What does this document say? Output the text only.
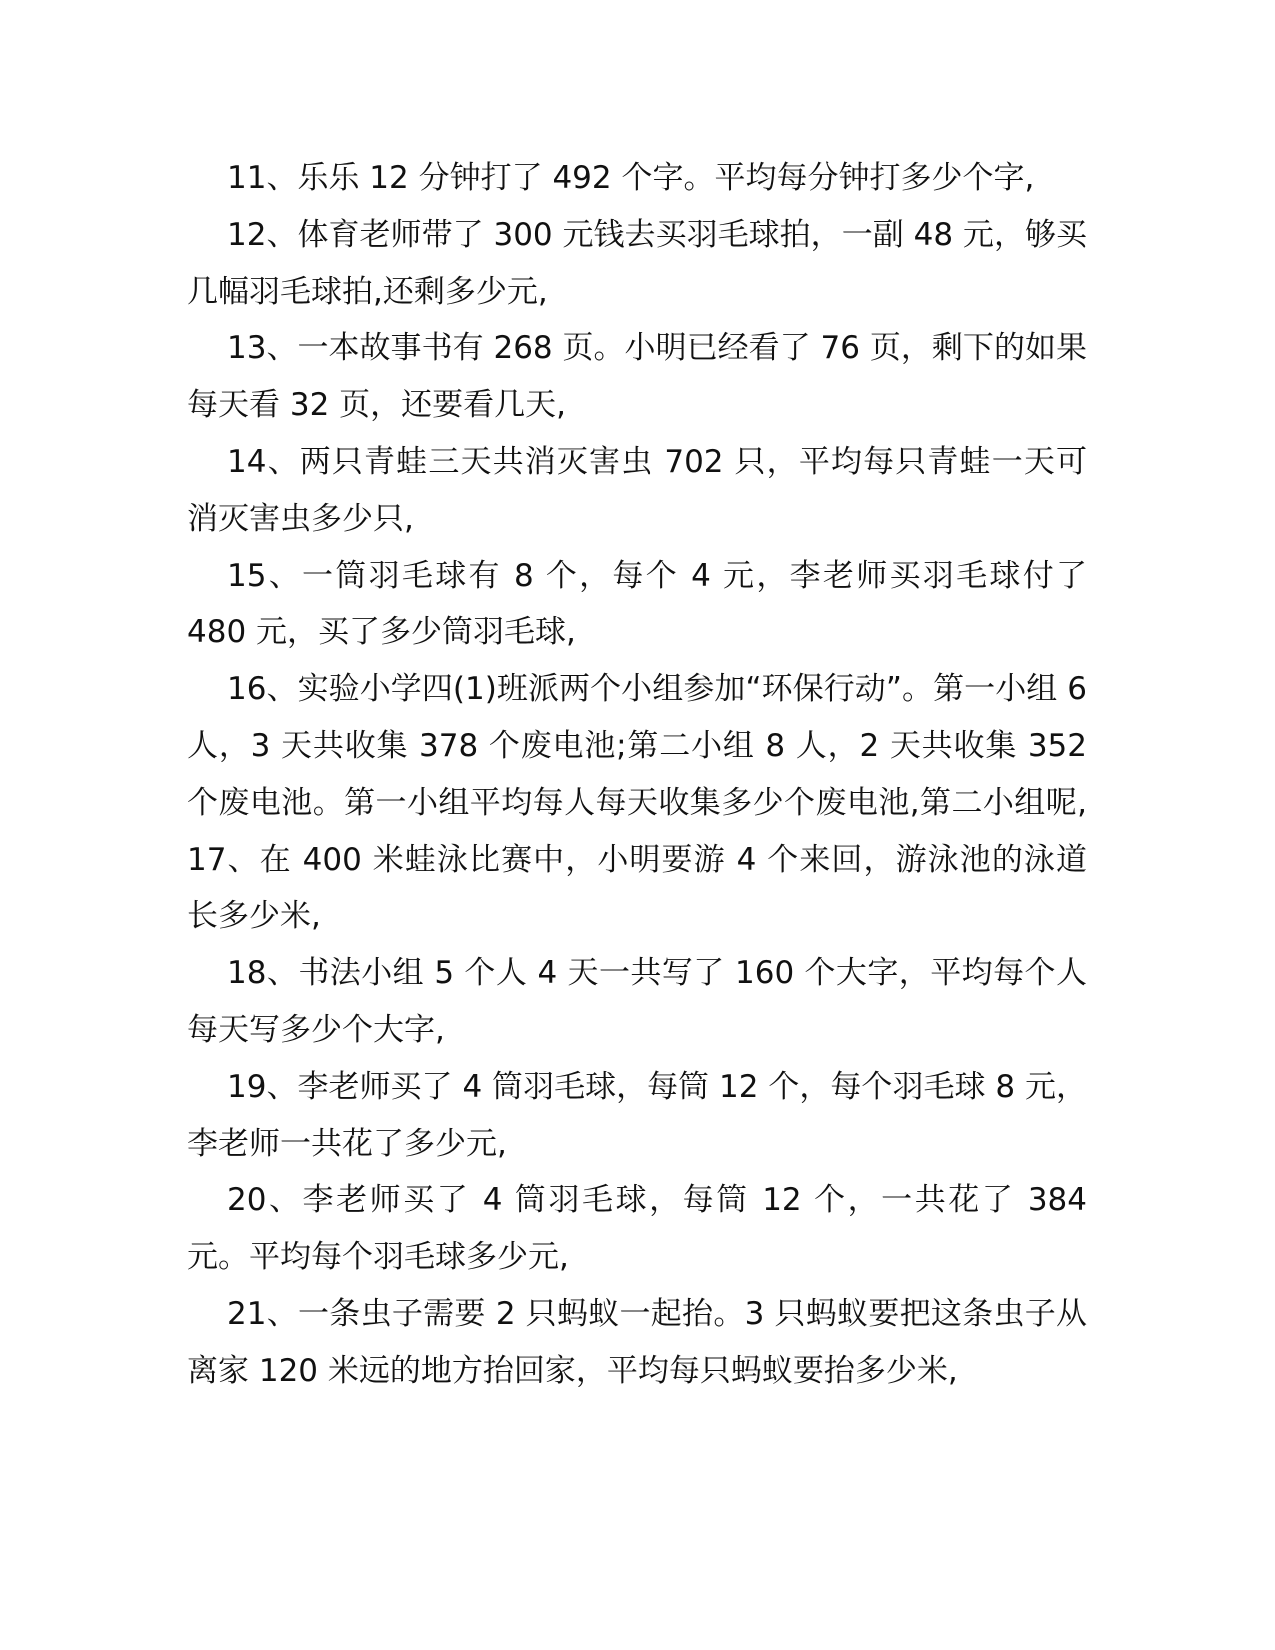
11、乐乐 12 分钟打了 492 个字。平均每分钟打多少个字,

12、体育老师带了 300 元钱去买羽毛球拍，一副 48 元，够买几幅羽毛球拍,还剩多少元,

13、一本故事书有 268 页。小明已经看了 76 页，剩下的如果每天看 32 页，还要看几天,

14、两只青蛙三天共消灭害虫 702 只，平均每只青蛙一天可消灭害虫多少只,

15、一筒羽毛球有 8 个，每个 4 元，李老师买羽毛球付了 480 元，买了多少筒羽毛球,

16、实验小学四(1)班派两个小组参加“环保行动”。第一小组 6 人，3 天共收集 378 个废电池;第二小组 8 人，2 天共收集 352 个废电池。第一小组平均每人每天收集多少个废电池,第二小组呢, 17、在 400 米蛙泳比赛中，小明要游 4 个来回，游泳池的泳道长多少米,

18、书法小组 5 个人 4 天一共写了 160 个大字，平均每个人每天写多少个大字,

19、李老师买了 4 筒羽毛球，每筒 12 个，每个羽毛球 8 元，李老师一共花了多少元,

20、李老师买了 4 筒羽毛球，每筒 12 个，一共花了 384 元。平均每个羽毛球多少元,

21、一条虫子需要 2 只蚂蚁一起抬。3 只蚂蚁要把这条虫子从离家 120 米远的地方抬回家，平均每只蚂蚁要抬多少米,
